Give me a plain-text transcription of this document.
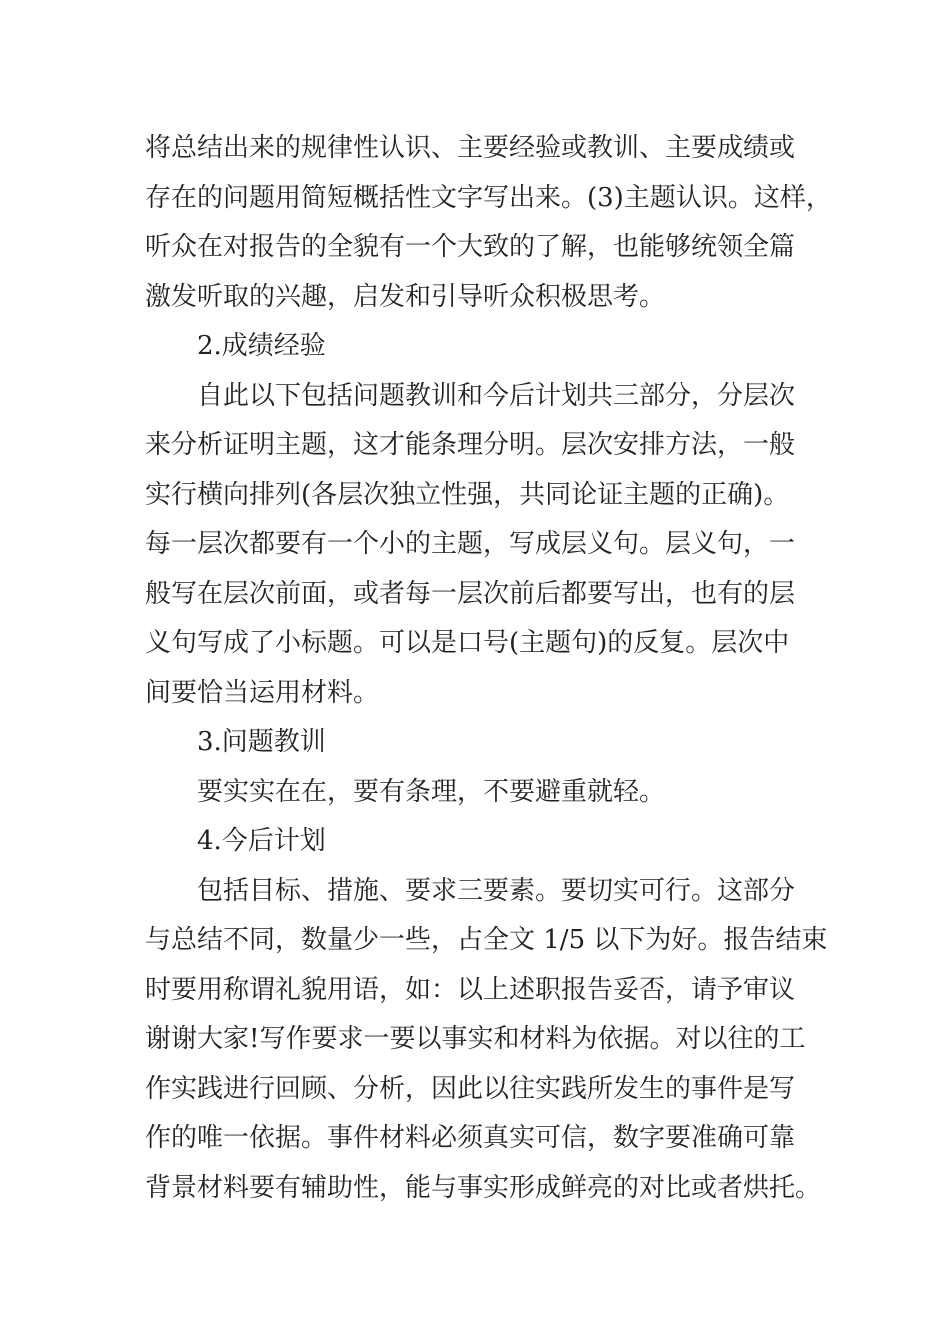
将总结出来的规律性认识、主要经验或教训、主要成绩或
存在的问题用简短概括性文字写出来。(3)主题认识。这样，
听众在对报告的全貌有一个大致的了解，也能够统领全篇
激发听取的兴趣，启发和引导听众积极思考。
2.成绩经验
自此以下包括问题教训和今后计划共三部分，分层次
来分析证明主题，这才能条理分明。层次安排方法，一般
实行横向排列(各层次独立性强，共同论证主题的正确)。
每一层次都要有一个小的主题，写成层义句。层义句，一
般写在层次前面，或者每一层次前后都要写出，也有的层
义句写成了小标题。可以是口号(主题句)的反复。层次中
间要恰当运用材料。
3.问题教训
要实实在在，要有条理，不要避重就轻。
4.今后计划
包括目标、措施、要求三要素。要切实可行。这部分
与总结不同，数量少一些，占全文 1/5 以下为好。报告结束
时要用称谓礼貌用语，如：以上述职报告妥否，请予审议
谢谢大家!写作要求一要以事实和材料为依据。对以往的工
作实践进行回顾、分析，因此以往实践所发生的事件是写
作的唯一依据。事件材料必须真实可信，数字要准确可靠
背景材料要有辅助性，能与事实形成鲜亮的对比或者烘托。
